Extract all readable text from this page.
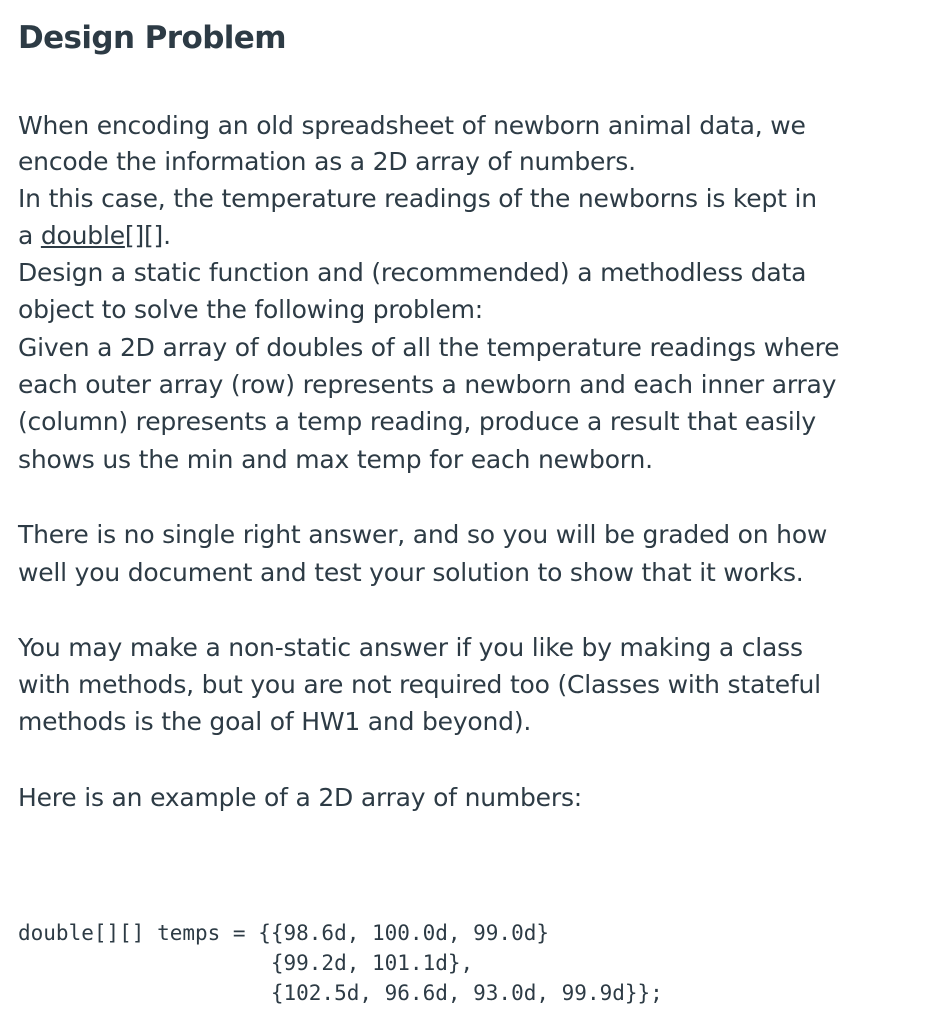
Design Problem
When encoding an old spreadsheet of newborn animal data, we
encode the information as a 2D array of numbers.
In this case, the temperature readings of the newborns is kept in
a double[][].
Design a static function and (recommended) a methodless data
object to solve the following problem:
Given a 2D array of doubles of all the temperature readings where
each outer array (row) represents a newborn and each inner array
(column) represents a temp reading, produce a result that easily
shows us the min and max temp for each newborn.
There is no single right answer, and so you will be graded on how
well you document and test your solution to show that it works.
You may make a non-static answer if you like by making a class
with methods, but you are not required too (Classes with stateful
methods is the goal of HW1 and beyond).
Here is an example of a 2D array of numbers:
double[][] temps = {{98.6d, 100.0d, 99.0d}
{99.2d, 101.1d},
{102.5d, 96.6d, 93.0d, 99.9d}};
